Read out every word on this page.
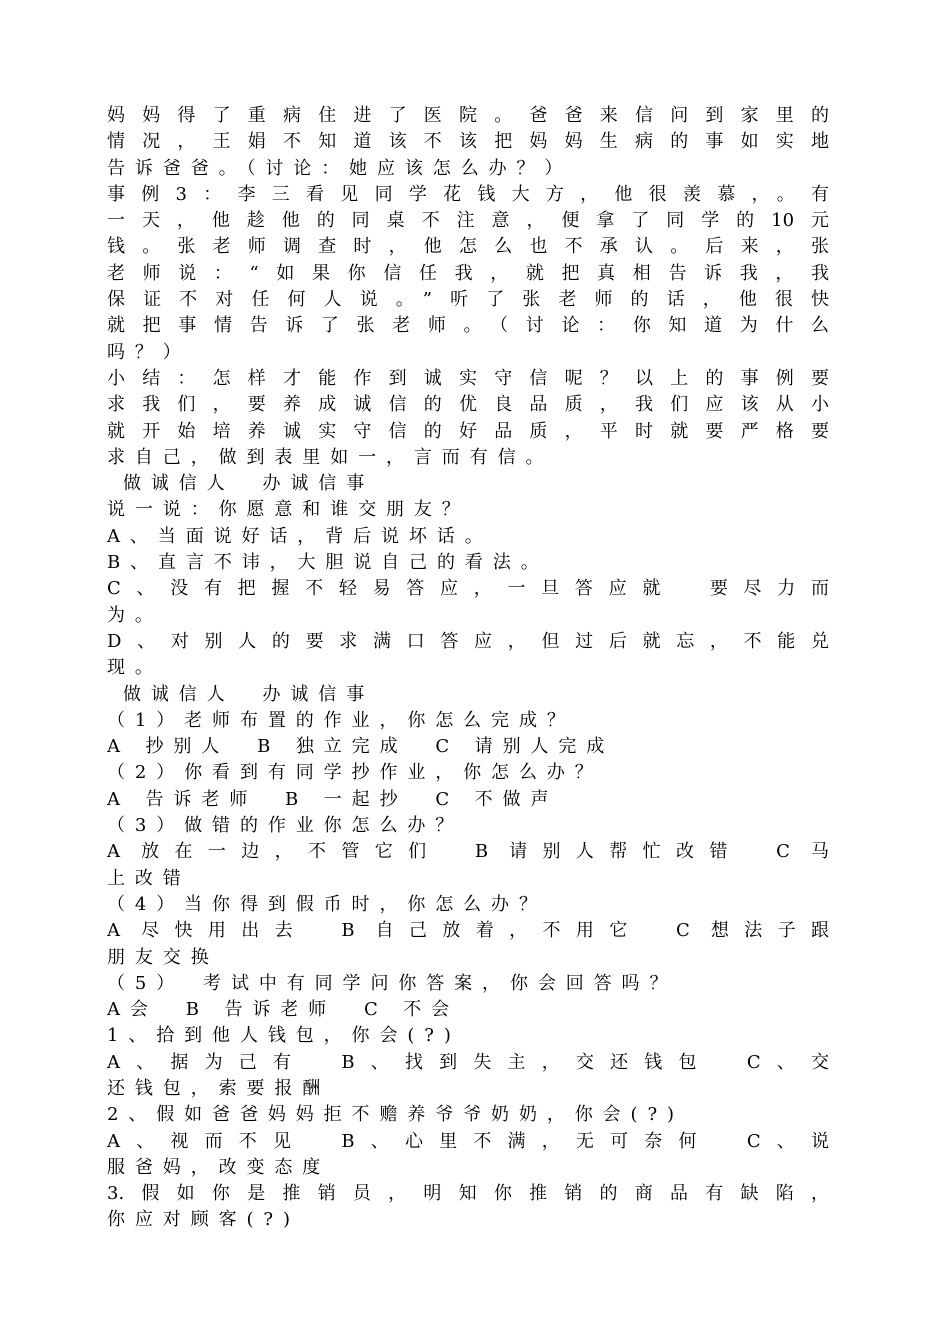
妈妈得了重病住进了医院。爸爸来信问到家里的
情况，王娟不知道该不该把妈妈生病的事如实地
告诉爸爸。（讨论：她应该怎么办？）
事例3：李三看见同学花钱大方，他很羡慕，。有
一天，他趁他的同桌不注意，便拿了同学的10元
钱。张老师调查时，他怎么也不承认。后来，张
老师说：“如果你信任我，就把真相告诉我，我
保证不对任何人说。”听了张老师的话，他很快
就把事情告诉了张老师。（讨论：你知道为什么
吗？）
小结：怎样才能作到诚实守信呢？以上的事例要
求我们，要养成诚信的优良品质，我们应该从小
就开始培养诚实守信的好品质，平时就要严格要
求自己，做到表里如一，言而有信。
做诚信人　办诚信事
说一说：你愿意和谁交朋友？
A、当面说好话，背后说坏话。
B、直言不讳，大胆说自己的看法。
C、没有把握不轻易答应，一旦答应就　要尽力而
为。
D、对别人的要求满口答应，但过后就忘，不能兑
现。
做诚信人　办诚信事
（1）老师布置的作业，你怎么完成？
A 抄别人　B 独立完成　C 请别人完成
（2）你看到有同学抄作业，你怎么办？
A 告诉老师　B 一起抄　C 不做声
（3）做错的作业你怎么办？
A 放在一边，不管它们　B 请别人帮忙改错　C 马
上改错
（4）当你得到假币时，你怎么办？
A 尽快用出去　B 自己放着，不用它　C 想法子跟
朋友交换
（5）　考试中有同学问你答案，你会回答吗？
A会　B 告诉老师　C 不会
1、拾到他人钱包，你会(?)
A、据为己有　B、找到失主，交还钱包　C、交
还钱包，索要报酬
2、假如爸爸妈妈拒不赡养爷爷奶奶，你会(?)
A、视而不见　B、心里不满，无可奈何　C、说
服爸妈，改变态度
3.假如你是推销员，明知你推销的商品有缺陷，
你应对顾客(?)
